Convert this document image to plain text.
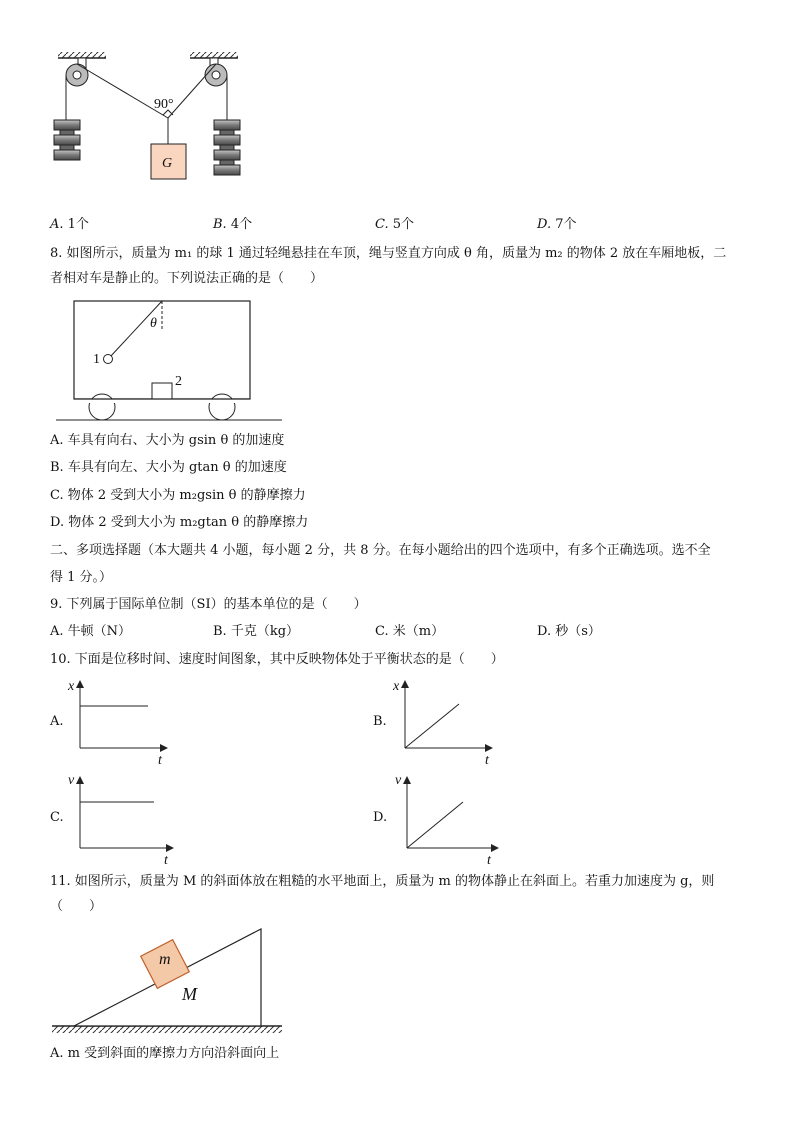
90°
G
A. 1个	B. 4个	C. 5个	D. 7个
8. 如图所示，质量为 m₁ 的球 1 通过轻绳悬挂在车顶，绳与竖直方向成 θ 角，质量为 m₂ 的物体 2 放在车厢地板，二
者相对车是静止的。下列说法正确的是（　　）
1
θ
2
A. 车具有向右、大小为 gsin θ 的加速度
B. 车具有向左、大小为 gtan θ 的加速度
C. 物体 2 受到大小为 m₂gsin θ 的静摩擦力
D. 物体 2 受到大小为 m₂gtan θ 的静摩擦力
二、多项选择题（本大题共 4 小题，每小题 2 分，共 8 分。在每小题给出的四个选项中，有多个正确选项。选不全
得 1 分。）
9. 下列属于国际单位制（SI）的基本单位的是（　　）
A. 牛顿（N）	B. 千克（kg）	C. 米（m）	D. 秒（s）
10. 下面是位移时间、速度时间图象，其中反映物体处于平衡状态的是（　　）
A.
x
t
B.
x
t
C.
v
t
D.
v
t
11. 如图所示，质量为 M 的斜面体放在粗糙的水平地面上，质量为 m 的物体静止在斜面上。若重力加速度为 g，则
（　　）
M
m
A. m 受到斜面的摩擦力方向沿斜面向上
